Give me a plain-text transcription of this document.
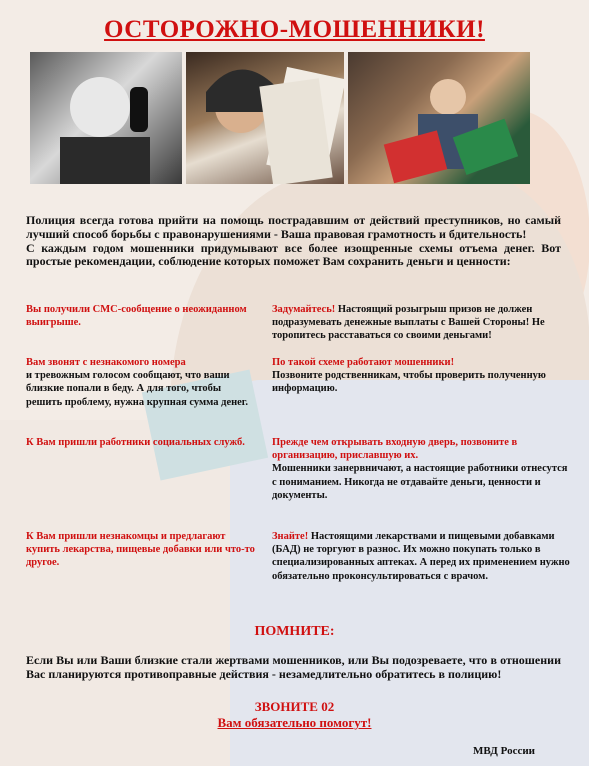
ОСТОРОЖНО-МОШЕННИКИ!

Полиция всегда готова прийти на помощь пострадавшим от действий преступников, но самый лучший способ борьбы с правонарушениями - Ваша правовая грамотность и бдительность!

С каждым годом мошенники придумывают все более изощренные схемы отъема денег. Вот простые рекомендации, соблюдение которых поможет Вам сохранить деньги и ценности:

Вы получили СМС-сообщение о неожиданном выигрыше.

Задумайтесь! Настоящий розыгрыш призов не должен подразумевать денежные выплаты с Вашей Стороны! Не торопитесь расставаться со своими деньгами!

Вам звонят с незнакомого номера
и тревожным голосом сообщают, что ваши близкие попали в беду. А для того, чтобы решить проблему, нужна крупная сумма денег.

По такой схеме работают мошенники!
Позвоните родственникам, чтобы проверить полученную информацию.

К Вам пришли работники социальных служб.	Прежде чем открывать входную дверь, позвоните в организацию, приславшую их.
Мошенники занервничают, а настоящие работники отнесутся с пониманием. Никогда не отдавайте деньги, ценности и документы.

К Вам пришли незнакомцы и предлагают купить лекарства, пищевые добавки или что-то другое.

Знайте! Настоящими лекарствами и пищевыми добавками (БАД) не торгуют в разнос. Их можно покупать только в специализированных аптеках. А перед их применением нужно обязательно проконсультироваться с врачом.

ПОМНИТЕ:

Если Вы или Ваши близкие стали жертвами мошенников, или Вы подозреваете, что в отношении Вас планируются противоправные действия - незамедлительно обратитесь в полицию!

ЗВОНИТЕ 02
Вам обязательно помогут!

МВД России
